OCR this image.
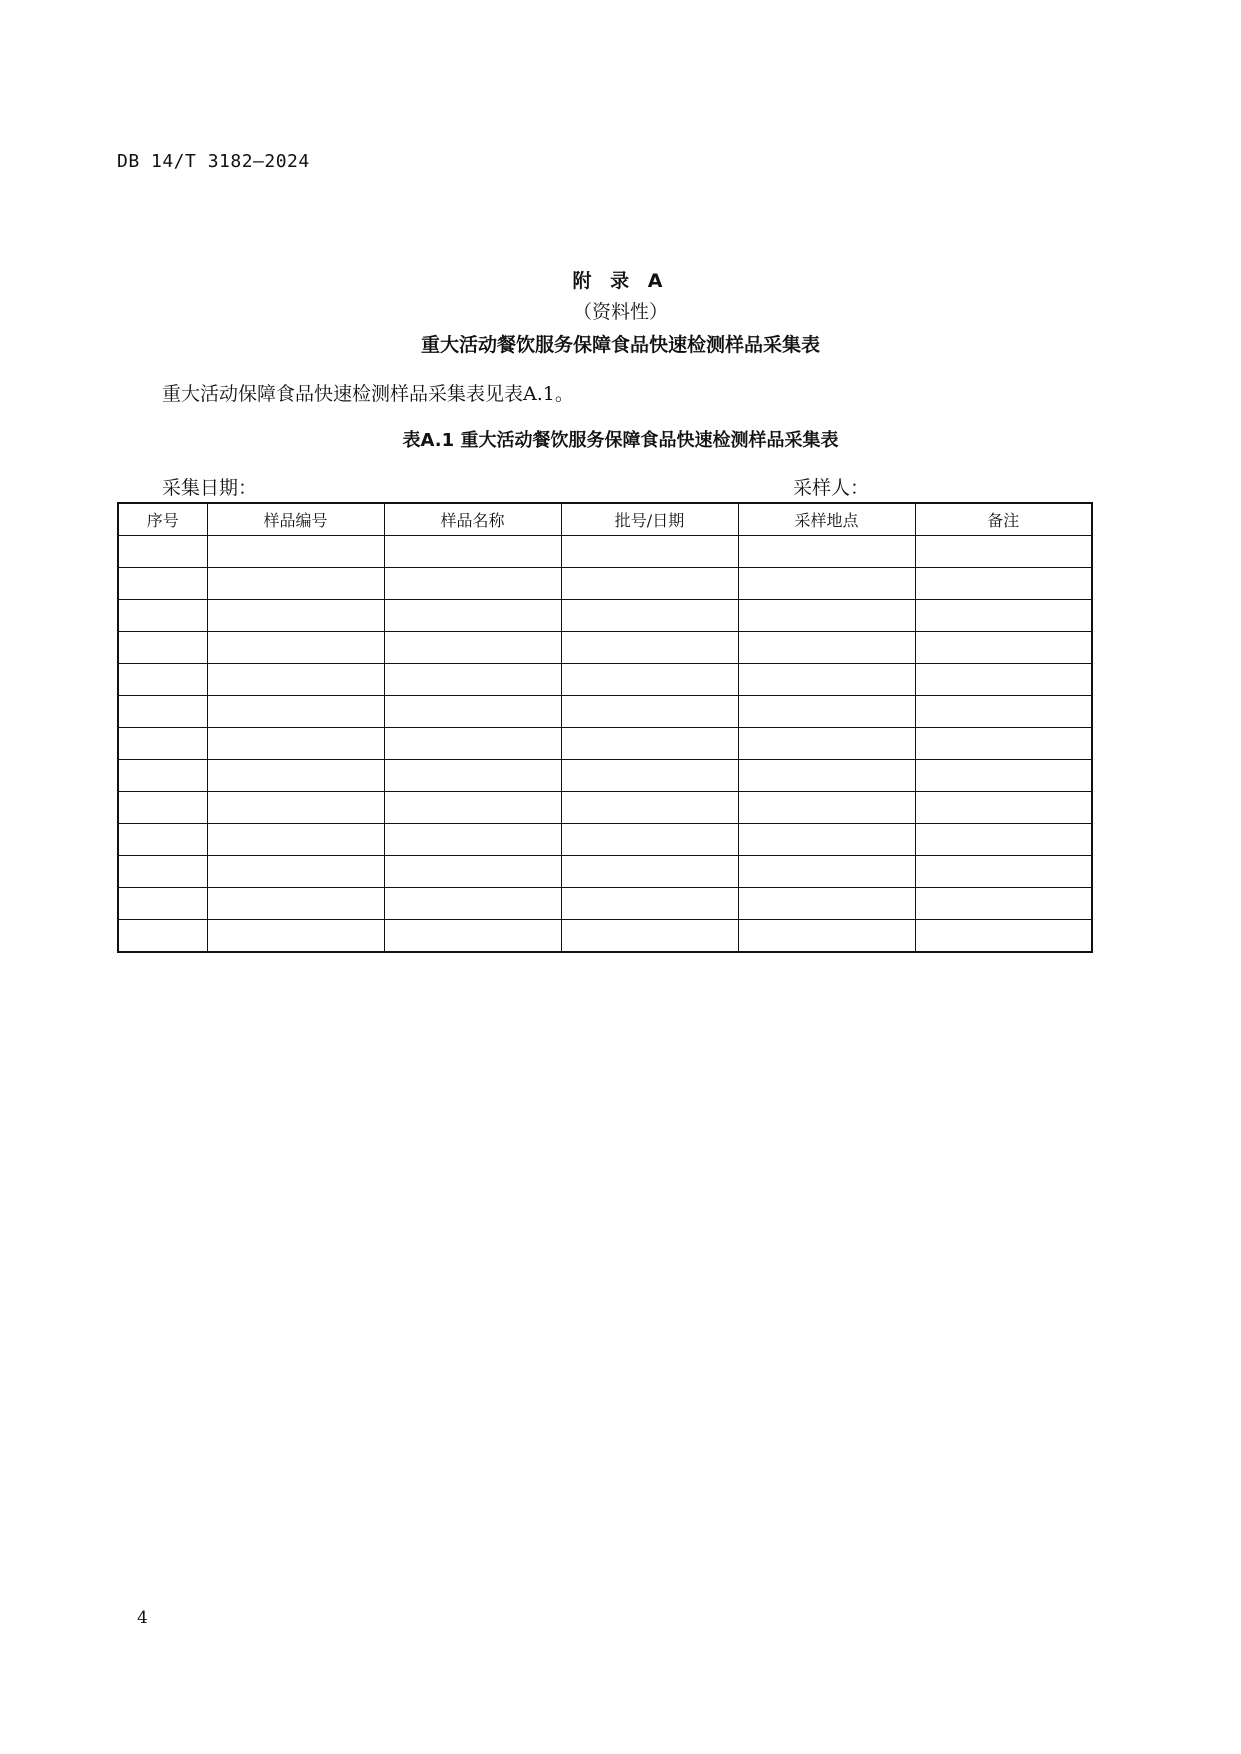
DB 14/T 3182—2024
附 录 A
（资料性）
重大活动餐饮服务保障食品快速检测样品采集表
重大活动保障食品快速检测样品采集表见表A.1。
表A.1 重大活动餐饮服务保障食品快速检测样品采集表
采集日期：	采样人：
序号	样品编号	样品名称	批号/日期	采样地点	备注

4
